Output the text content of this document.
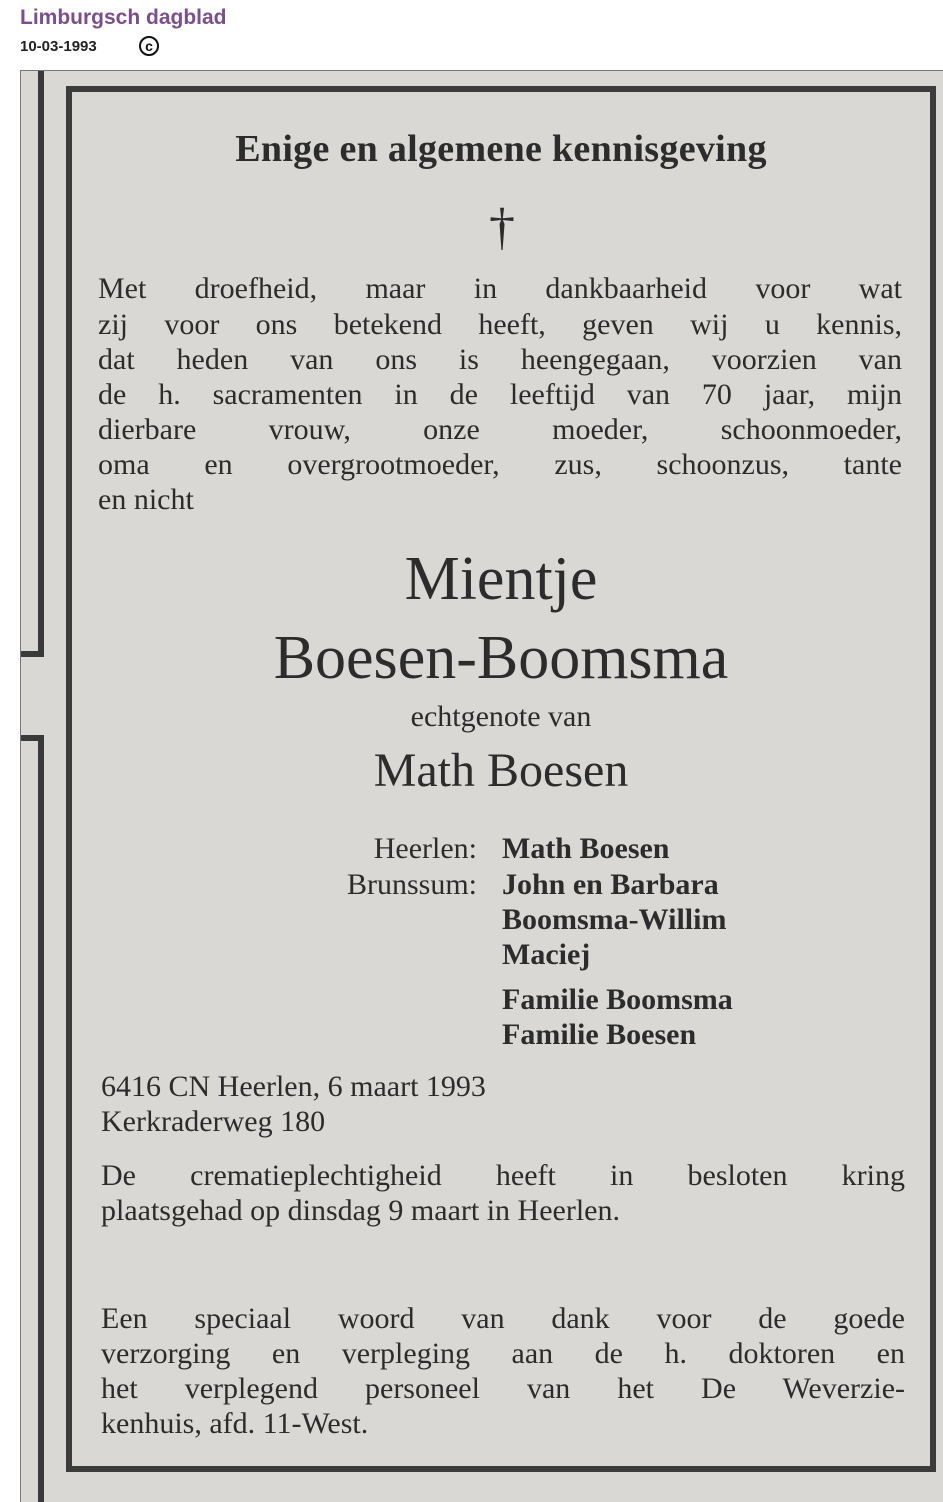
Limburgsch dagblad
10-03-1993	c
Enige en algemene kennisgeving
†
Met droefheid, maar in dankbaarheid voor wat
zij voor ons betekend heeft, geven wij u kennis,
dat heden van ons is heengegaan, voorzien van
de h. sacramenten in de leeftijd van 70 jaar, mijn
dierbare vrouw, onze moeder, schoonmoeder,
oma en overgrootmoeder, zus, schoonzus, tante
en nicht
Mientje
Boesen-Boomsma
echtgenote van
Math Boesen
Heerlen: Math Boesen
Brunssum: John en Barbara
Boomsma-Willim
Maciej
Familie Boomsma
Familie Boesen
6416 CN Heerlen, 6 maart 1993
Kerkraderweg 180
De crematieplechtigheid heeft in besloten kring
plaatsgehad op dinsdag 9 maart in Heerlen.
Een speciaal woord van dank voor de goede
verzorging en verpleging aan de h. doktoren en
het verplegend personeel van het De Weverzie-
kenhuis, afd. 11-West.
